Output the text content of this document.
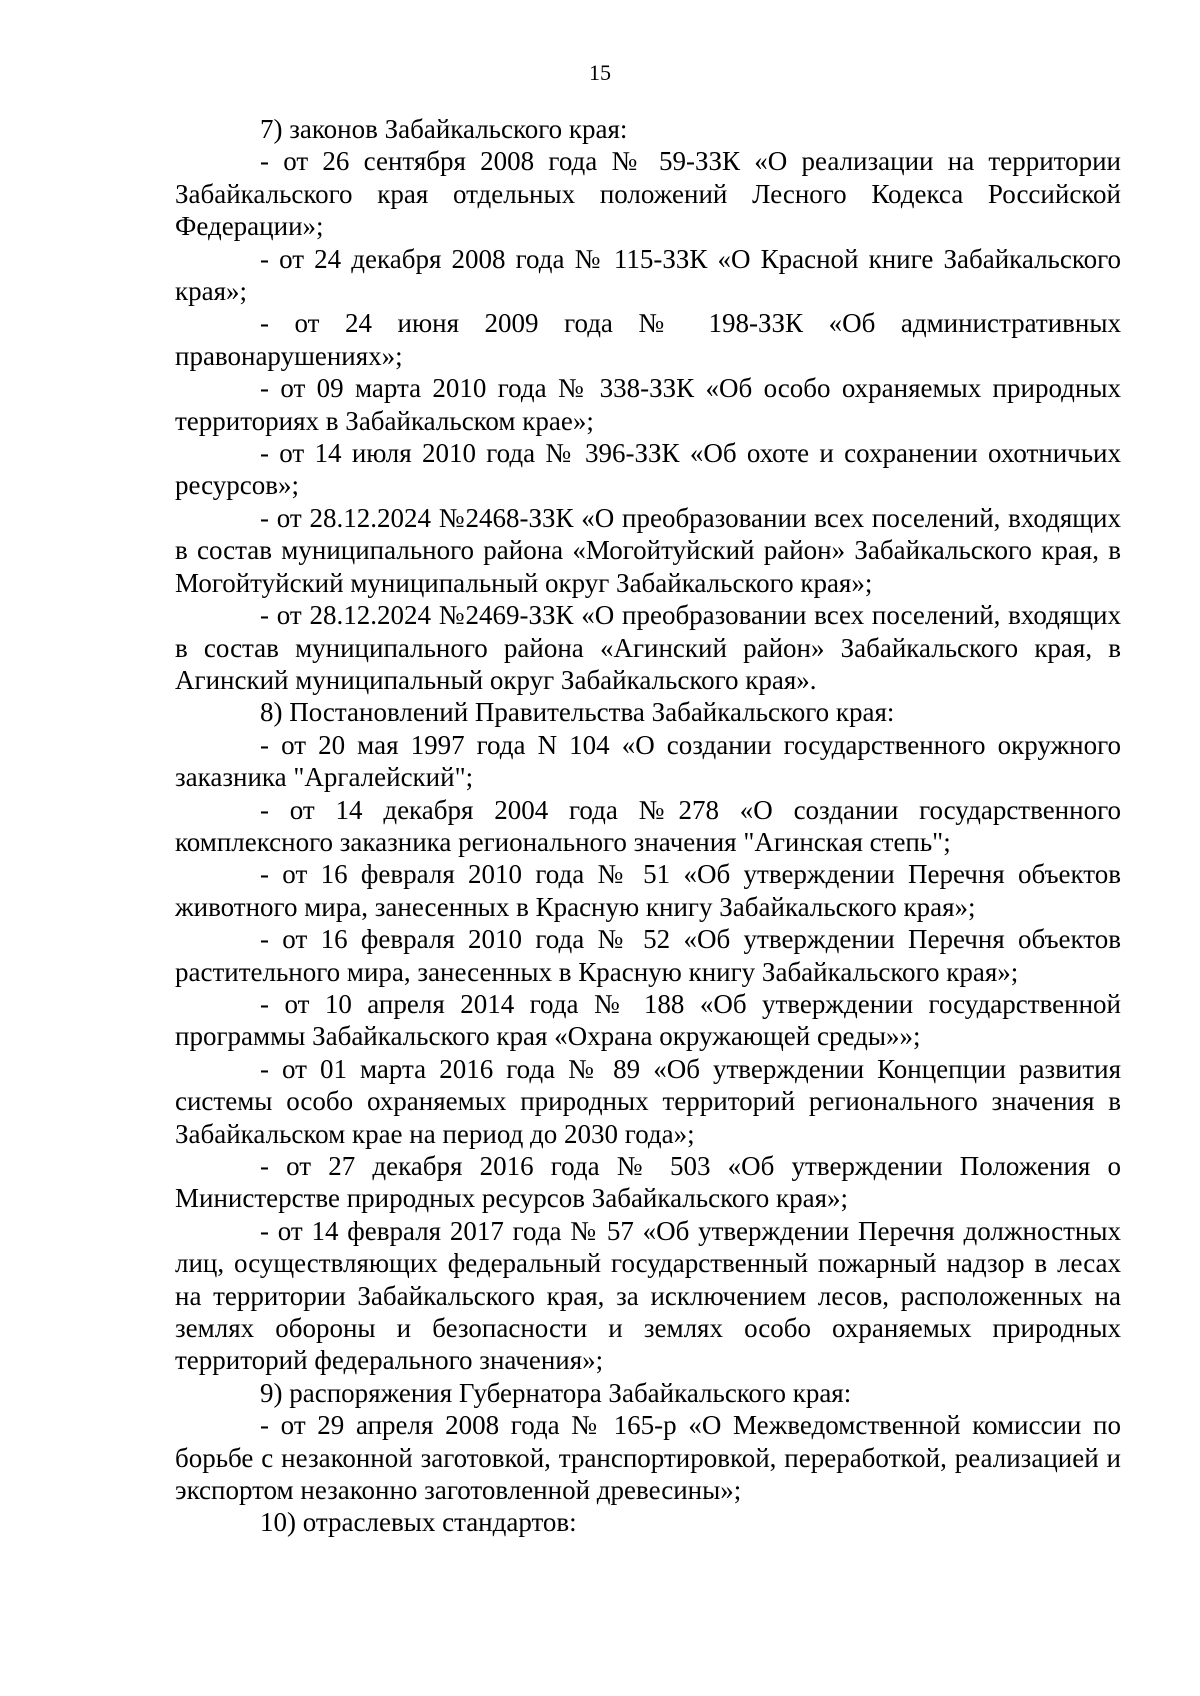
15

7) законов Забайкальского края:

- от 26 сентября 2008 года № 59-ЗЗК «О реализации на территории Забайкальского края отдельных положений Лесного Кодекса Российской Федерации»;

- от 24 декабря 2008 года № 115-ЗЗК «О Красной книге Забайкальского края»;

- от 24 июня 2009 года № 198-ЗЗК «Об административных правонарушениях»;

- от 09 марта 2010 года № 338-ЗЗК «Об особо охраняемых природных территориях в Забайкальском крае»;

- от 14 июля 2010 года № 396-ЗЗК «Об охоте и сохранении охотничьих ресурсов»;

- от 28.12.2024 №2468-ЗЗК «О преобразовании всех поселений, входящих в состав муниципального района «Могойтуйский район» Забайкальского края, в Могойтуйский муниципальный округ Забайкальского края»;

- от 28.12.2024 №2469-ЗЗК «О преобразовании всех поселений, входящих в состав муниципального района «Агинский район» Забайкальского края, в Агинский муниципальный округ Забайкальского края».

8) Постановлений Правительства Забайкальского края:

- от 20 мая 1997 года N 104 «О создании государственного окружного заказника "Аргалейский";

- от 14 декабря 2004 года №278 «О создании государственного комплексного заказника регионального значения "Агинская степь";

- от 16 февраля 2010 года № 51 «Об утверждении Перечня объектов животного мира, занесенных в Красную книгу Забайкальского края»;

- от 16 февраля 2010 года № 52 «Об утверждении Перечня объектов растительного мира, занесенных в Красную книгу Забайкальского края»;

- от 10 апреля 2014 года № 188 «Об утверждении государственной программы Забайкальского края «Охрана окружающей среды»»;

- от 01 марта 2016 года № 89 «Об утверждении Концепции развития системы особо охраняемых природных территорий регионального значения в Забайкальском крае на период до 2030 года»;

- от 27 декабря 2016 года № 503 «Об утверждении Положения о Министерстве природных ресурсов Забайкальского края»;

- от 14 февраля 2017 года № 57 «Об утверждении Перечня должностных лиц, осуществляющих федеральный государственный пожарный надзор в лесах на территории Забайкальского края, за исключением лесов, расположенных на землях обороны и безопасности и землях особо охраняемых природных территорий федерального значения»;

9) распоряжения Губернатора Забайкальского края:

- от 29 апреля 2008 года № 165-р «О Межведомственной комиссии по борьбе с незаконной заготовкой, транспортировкой, переработкой, реализацией и экспортом незаконно заготовленной древесины»;

10) отраслевых стандартов:
